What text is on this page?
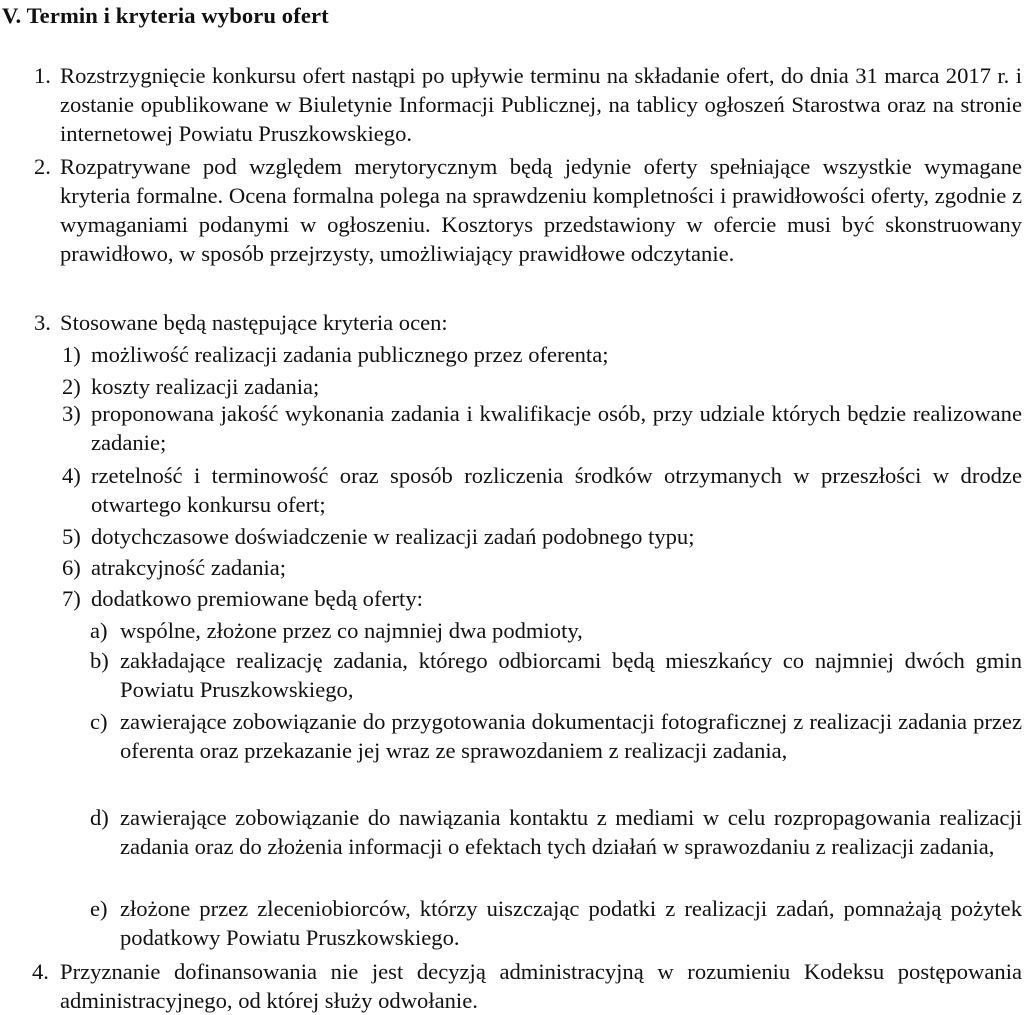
V. Termin i kryteria wyboru ofert
1. Rozstrzygnięcie konkursu ofert nastąpi po upływie terminu na składanie ofert, do dnia 31 marca 2017 r. i zostanie opublikowane w Biuletynie Informacji Publicznej, na tablicy ogłoszeń Starostwa oraz na stronie internetowej Powiatu Pruszkowskiego.
2. Rozpatrywane pod względem merytorycznym będą jedynie oferty spełniające wszystkie wymagane kryteria formalne. Ocena formalna polega na sprawdzeniu kompletności i prawidłowości oferty, zgodnie z wymaganiami podanymi w ogłoszeniu. Kosztorys przedstawiony w ofercie musi być skonstruowany prawidłowo, w sposób przejrzysty, umożliwiający prawidłowe odczytanie.
3. Stosowane będą następujące kryteria ocen:
1) możliwość realizacji zadania publicznego przez oferenta;
2) koszty realizacji zadania;
3) proponowana jakość wykonania zadania i kwalifikacje osób, przy udziale których będzie realizowane zadanie;
4) rzetelność i terminowość oraz sposób rozliczenia środków otrzymanych w przeszłości w drodze otwartego konkursu ofert;
5) dotychczasowe doświadczenie w realizacji zadań podobnego typu;
6) atrakcyjność zadania;
7) dodatkowo premiowane będą oferty:
a) wspólne, złożone przez co najmniej dwa podmioty,
b) zakładające realizację zadania, którego odbiorcami będą mieszkańcy co najmniej dwóch gmin Powiatu Pruszkowskiego,
c) zawierające zobowiązanie do przygotowania dokumentacji fotograficznej z realizacji zadania przez oferenta oraz przekazanie jej wraz ze sprawozdaniem z realizacji zadania,
d) zawierające zobowiązanie do nawiązania kontaktu z mediami w celu rozpropagowania realizacji zadania oraz do złożenia informacji o efektach tych działań w sprawozdaniu z realizacji zadania,
e) złożone przez zleceniobiorców, którzy uiszczając podatki z realizacji zadań, pomnażają pożytek podatkowy Powiatu Pruszkowskiego.
4. Przyznanie dofinansowania nie jest decyzją administracyjną w rozumieniu Kodeksu postępowania administracyjnego, od której służy odwołanie.
